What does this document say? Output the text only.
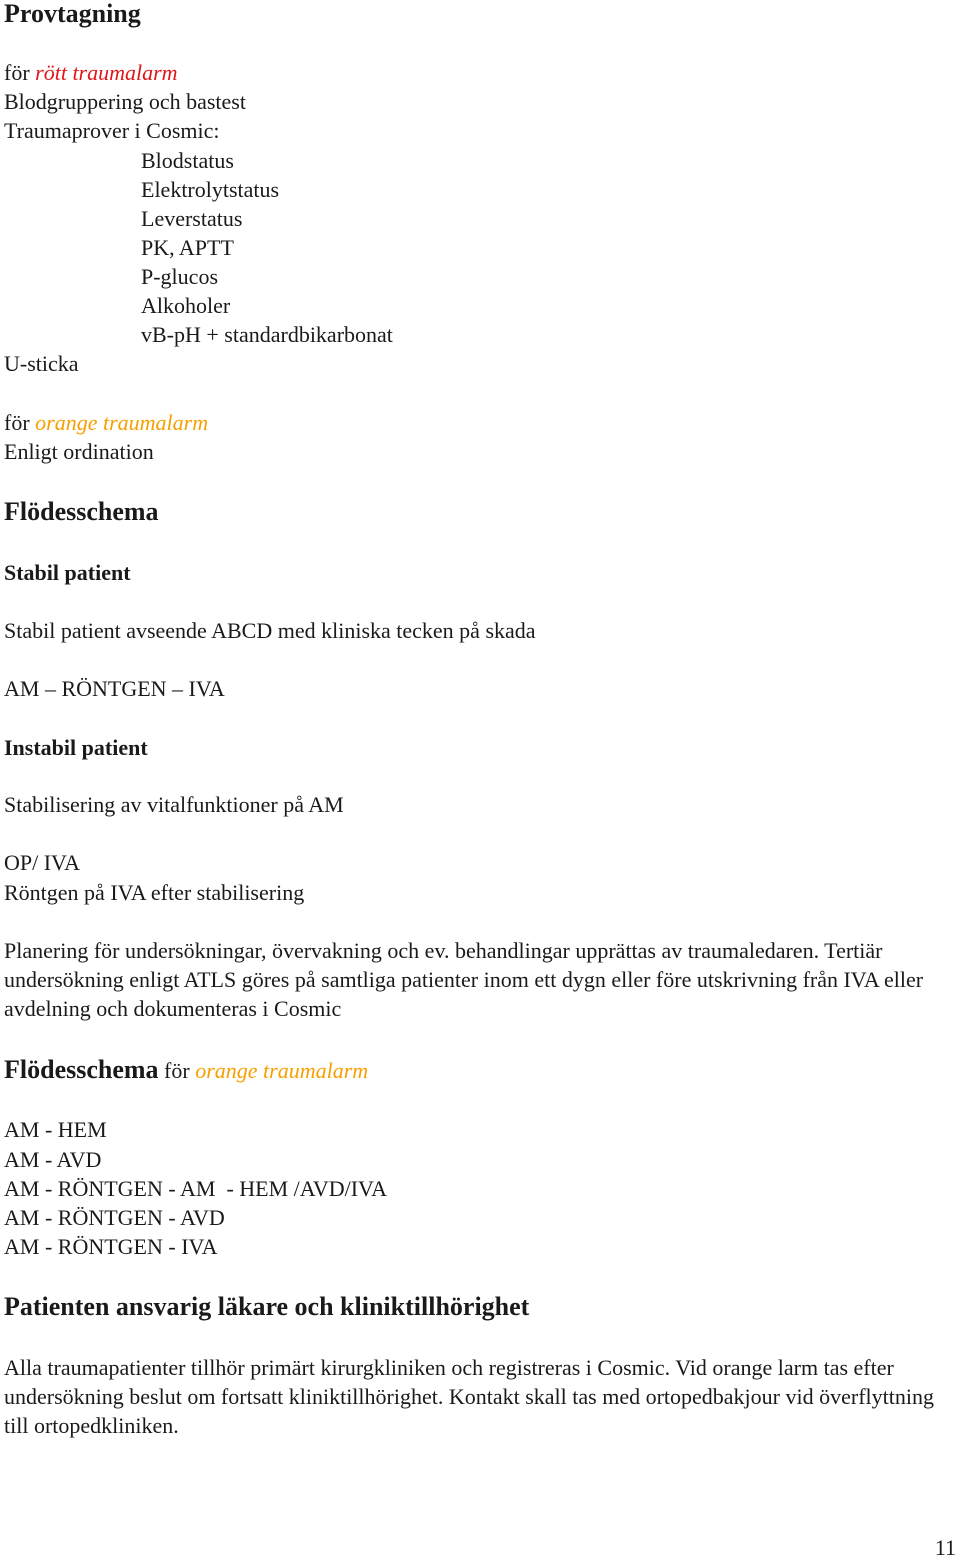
Provtagning
för rött traumalarm
Blodgruppering och bastest
Traumaprover i Cosmic:
Blodstatus
Elektrolytstatus
Leverstatus
PK, APTT
P-glucos
Alkoholer
vB-pH + standardbikarbonat
U-sticka
för orange traumalarm
Enligt ordination
Flödesschema
Stabil patient
Stabil patient avseende ABCD med kliniska tecken på skada
AM – RÖNTGEN – IVA
Instabil patient
Stabilisering av vitalfunktioner på AM
OP/ IVA
Röntgen på IVA efter stabilisering
Planering för undersökningar, övervakning och ev. behandlingar upprättas av traumaledaren. Tertiär undersökning enligt ATLS göres på samtliga patienter inom ett dygn eller före utskrivning från IVA eller avdelning och dokumenteras i Cosmic
Flödesschema för orange traumalarm
AM - HEM
AM - AVD
AM - RÖNTGEN - AM  - HEM /AVD/IVA
AM - RÖNTGEN - AVD
AM - RÖNTGEN - IVA
Patienten ansvarig läkare och kliniktillhörighet
Alla traumapatienter tillhör primärt kirurgkliniken och registreras i Cosmic. Vid orange larm tas efter undersökning beslut om fortsatt kliniktillhörighet. Kontakt skall tas med ortopedbakjour vid överflyttning till ortopedkliniken.
11
